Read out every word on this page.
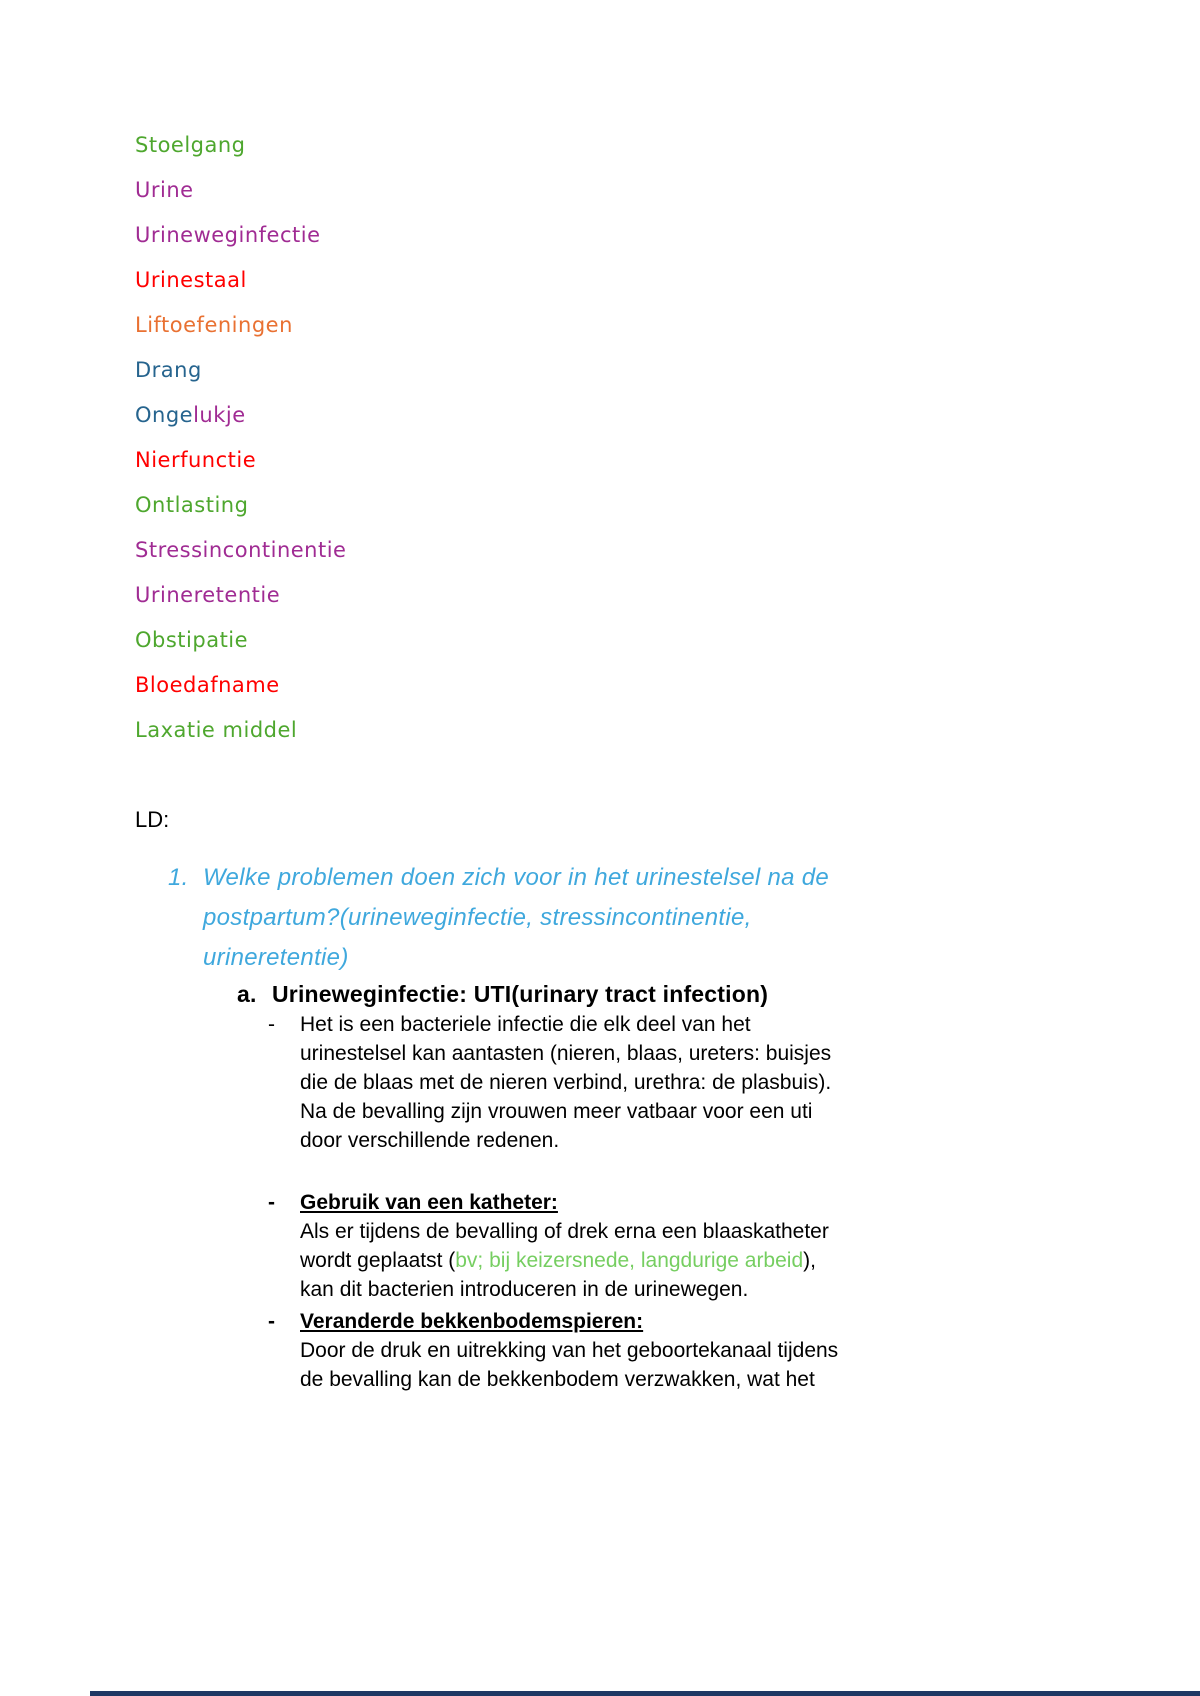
Stoelgang
Urine
Urineweginfectie
Urinestaal
Liftoefeningen
Drang
Ongelukje
Nierfunctie
Ontlasting
Stressincontinentie
Urineretentie
Obstipatie
Bloedafname
Laxatie middel
LD:
1. Welke problemen doen zich voor in het urinestelsel na de
postpartum?(urineweginfectie, stressincontinentie,
urineretentie)
a. Urineweginfectie: UTI(urinary tract infection)
-	Het is een bacteriele infectie die elk deel van het
urinestelsel kan aantasten (nieren, blaas, ureters: buisjes
die de blaas met de nieren verbind, urethra: de plasbuis).
Na de bevalling zijn vrouwen meer vatbaar voor een uti
door verschillende redenen.
-	Gebruik van een katheter:
Als er tijdens de bevalling of drek erna een blaaskatheter
wordt geplaatst (bv; bij keizersnede, langdurige arbeid),
kan dit bacterien introduceren in de urinewegen.
-	Veranderde bekkenbodemspieren:
Door de druk en uitrekking van het geboortekanaal tijdens
de bevalling kan de bekkenbodem verzwakken, wat het
